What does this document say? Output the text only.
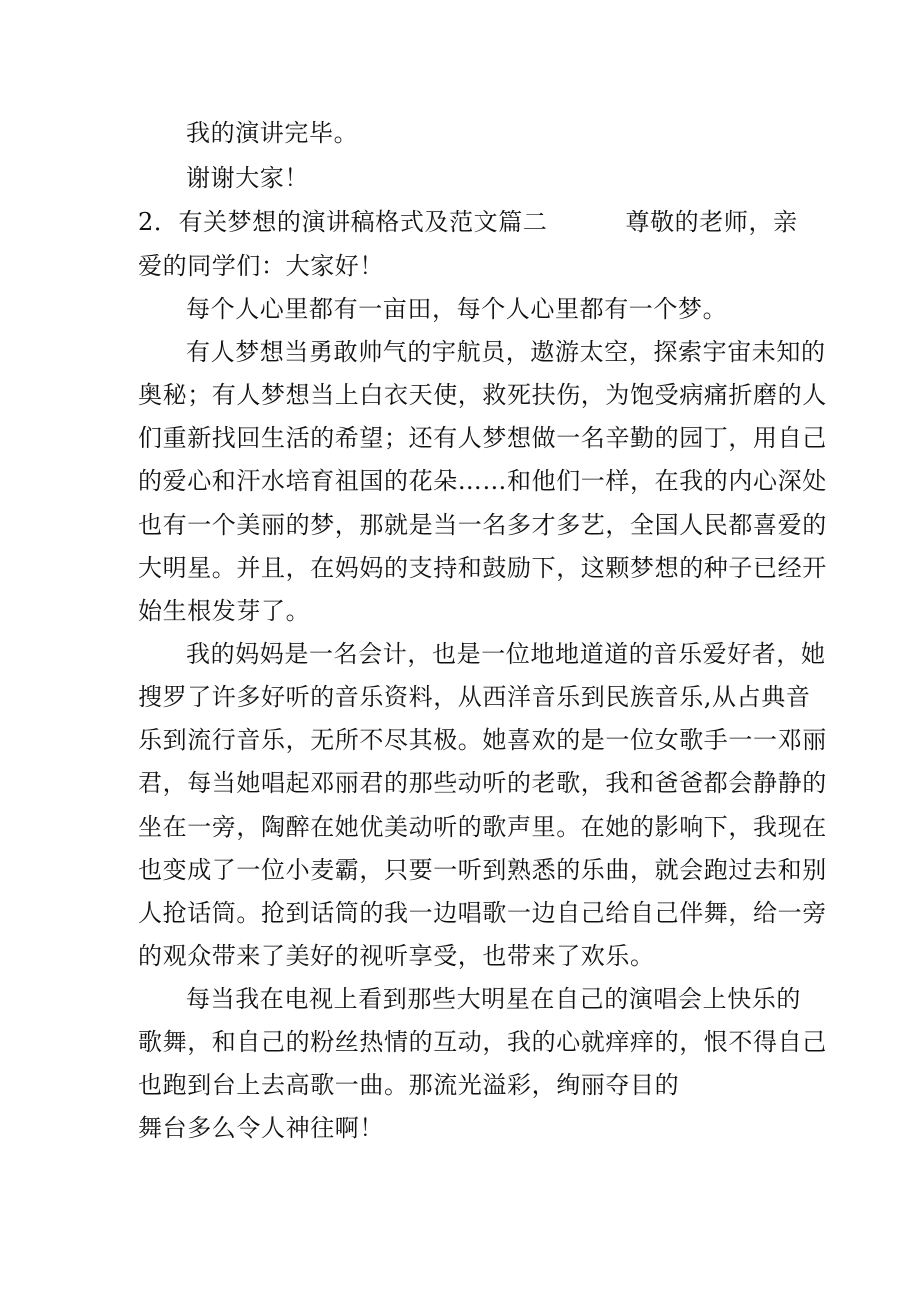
我的演讲完毕。
谢谢大家！
2．有关梦想的演讲稿格式及范文篇二	尊敬的老师，亲
爱的同学们：大家好！
每个人心里都有一亩田，每个人心里都有一个梦。
有人梦想当勇敢帅气的宇航员，遨游太空，探索宇宙未知的
奥秘；有人梦想当上白衣天使，救死扶伤，为饱受病痛折磨的人
们重新找回生活的希望；还有人梦想做一名辛勤的园丁，用自己
的爱心和汗水培育祖国的花朵……和他们一样，在我的内心深处
也有一个美丽的梦，那就是当一名多才多艺，全国人民都喜爱的
大明星。并且，在妈妈的支持和鼓励下，这颗梦想的种子已经开
始生根发芽了。
我的妈妈是一名会计，也是一位地地道道的音乐爱好者，她
搜罗了许多好听的音乐资料，从西洋音乐到民族音乐,从占典音
乐到流行音乐，无所不尽其极。她喜欢的是一位女歌手一一邓丽
君，每当她唱起邓丽君的那些动听的老歌，我和爸爸都会静静的
坐在一旁，陶醉在她优美动听的歌声里。在她的影响下，我现在
也变成了一位小麦霸，只要一听到熟悉的乐曲，就会跑过去和别
人抢话筒。抢到话筒的我一边唱歌一边自己给自己伴舞，给一旁
的观众带来了美好的视听享受，也带来了欢乐。
每当我在电视上看到那些大明星在自己的演唱会上快乐的
歌舞，和自己的粉丝热情的互动，我的心就痒痒的，恨不得自己
也跑到台上去高歌一曲。那流光溢彩，绚丽夺目的
舞台多么令人神往啊！
